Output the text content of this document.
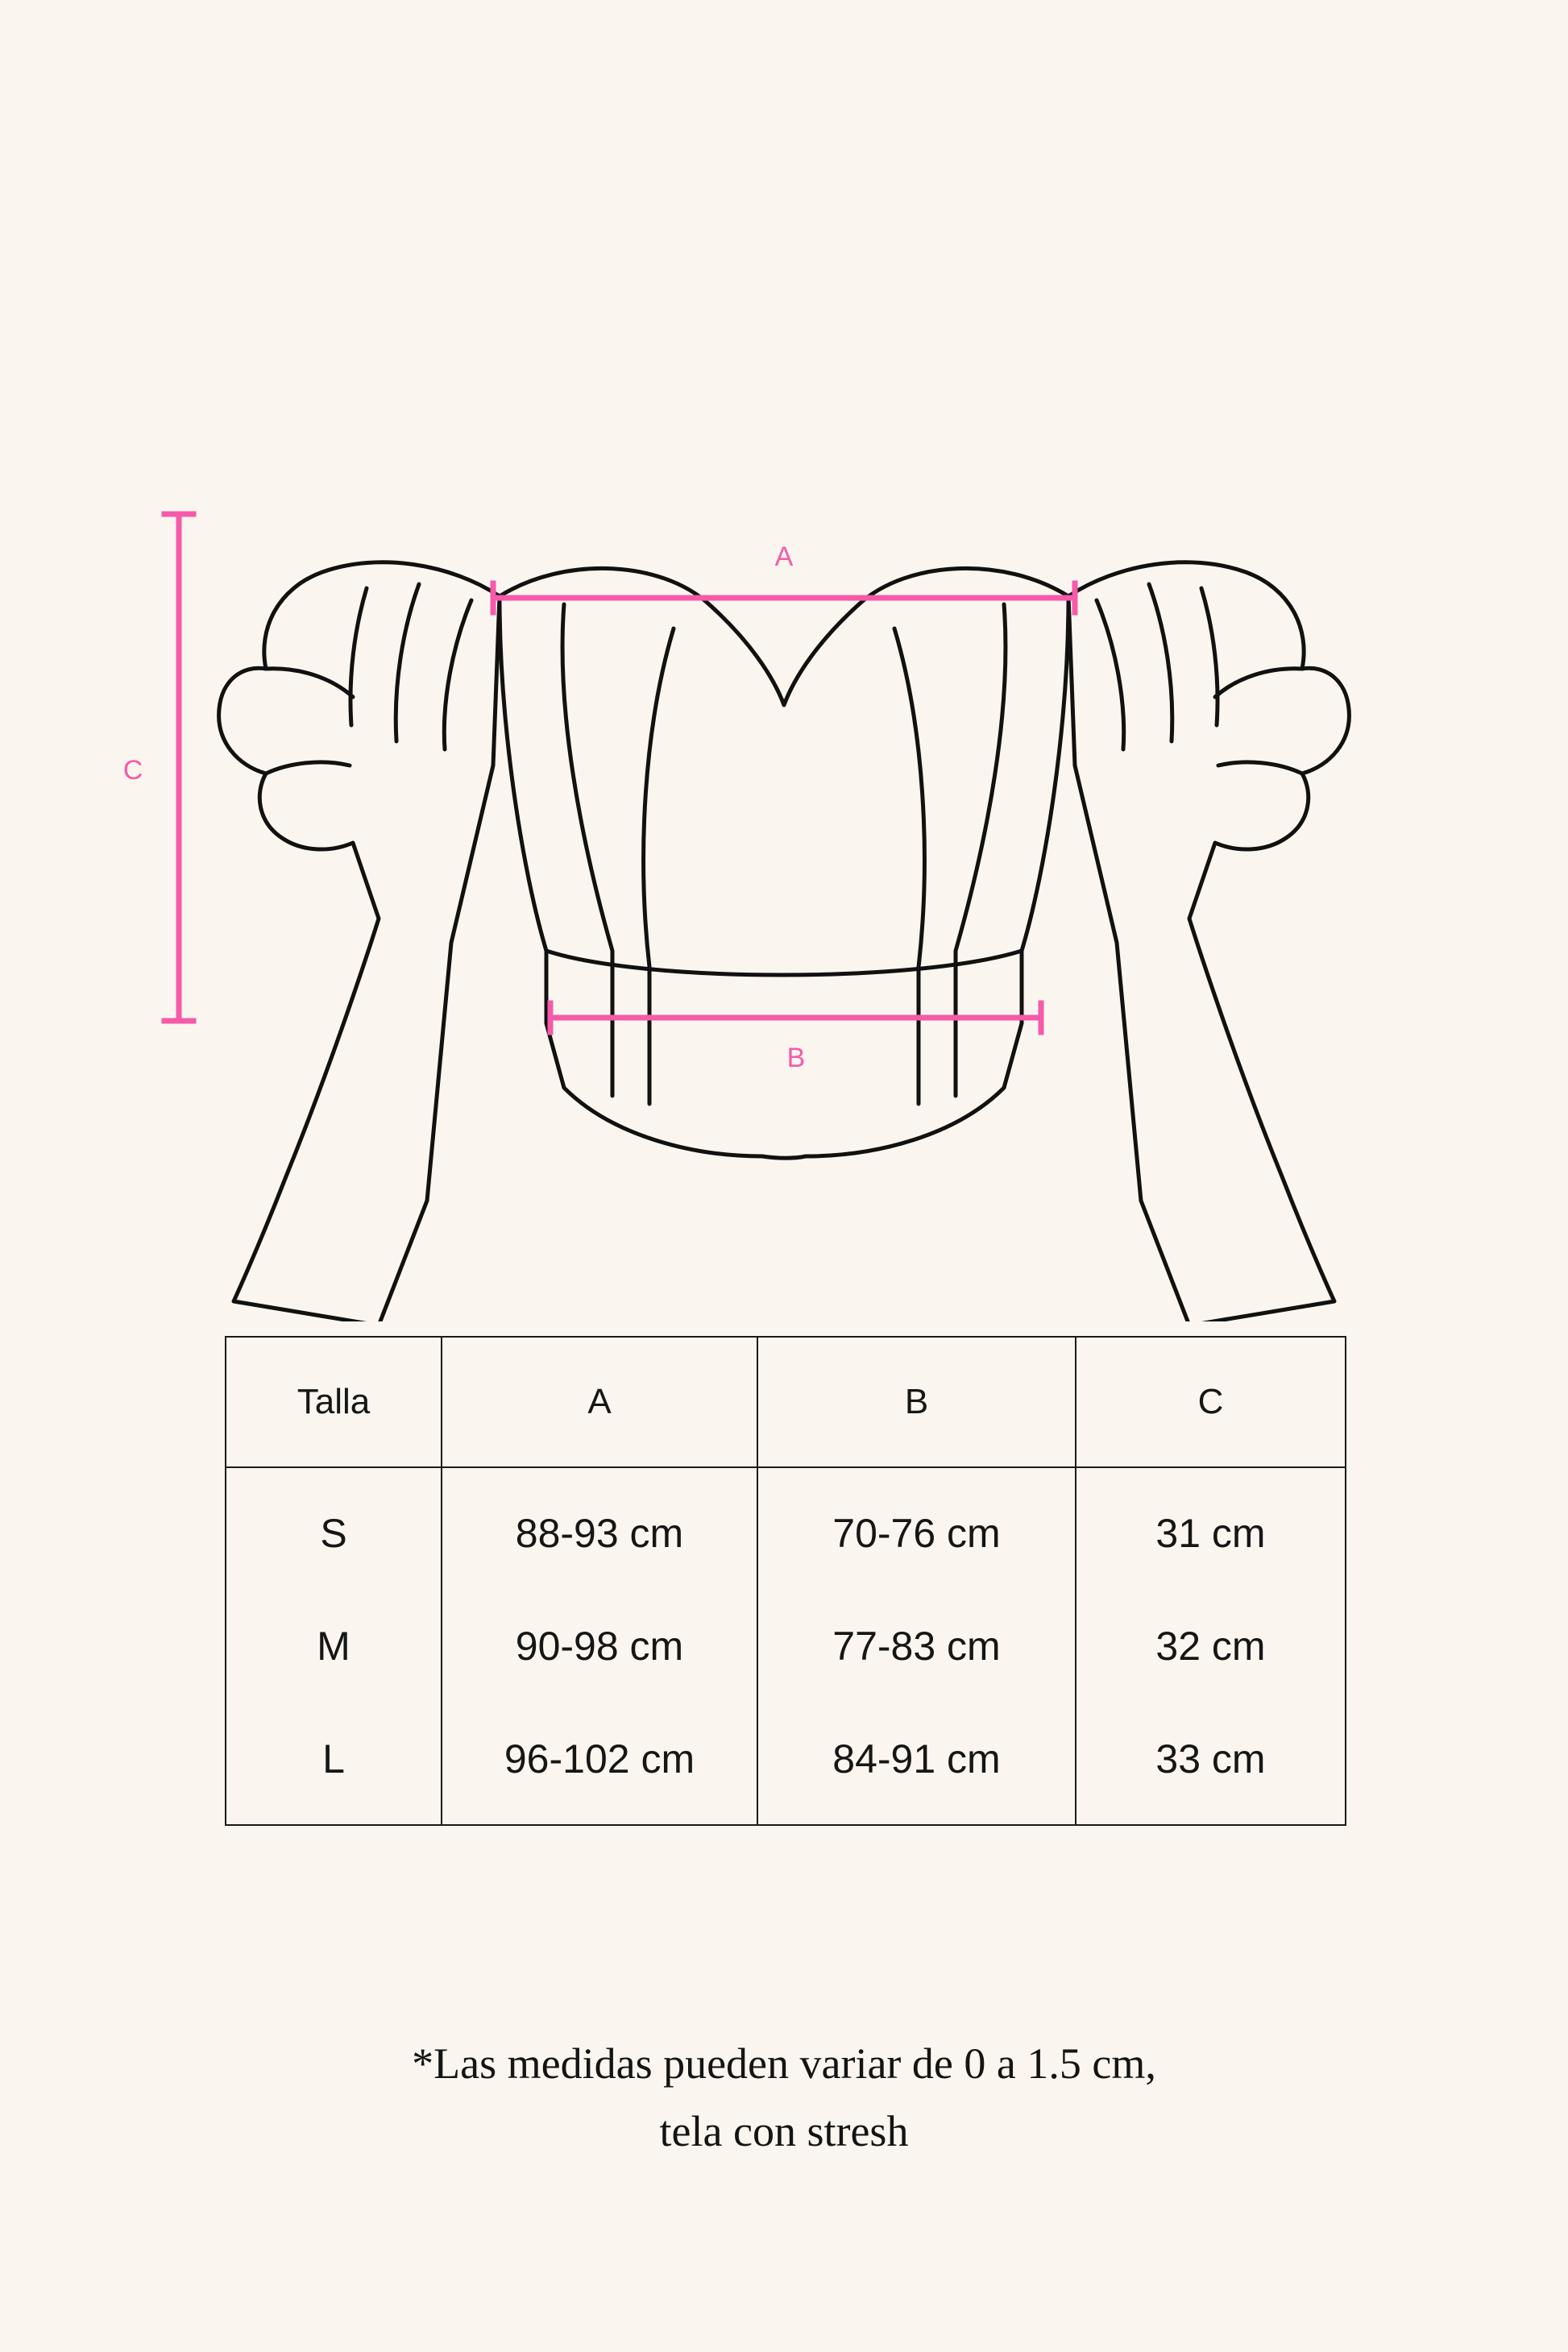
A
B
C
Talla	A	B	C
S	88-93 cm	70-76 cm	31 cm
M	90-98 cm	77-83 cm	32 cm
L	96-102 cm	84-91 cm	33 cm
*Las medidas pueden variar de 0 a 1.5 cm,
tela con stresh
